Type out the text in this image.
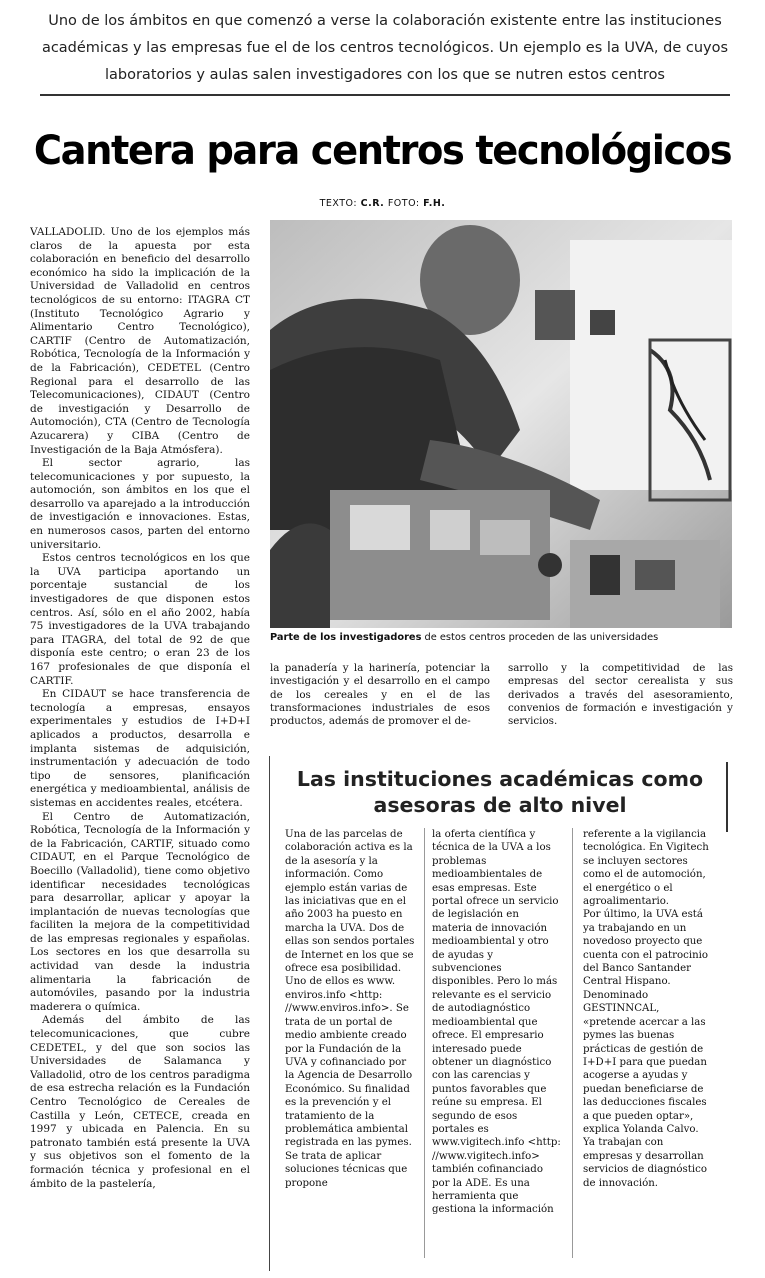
Uno de los ámbitos en que comenzó a verse la colaboración existente entre las instituciones académicas y las empresas fue el de los centros tecnológicos. Un ejemplo es la UVA, de cuyos laboratorios y aulas salen investigadores con los que se nutren estos centros
Cantera para centros tecnológicos
TEXTO: C.R. FOTO: F.H.

VALLADOLID. Uno de los ejemplos más claros de la apuesta por esta colaboración en beneficio del desarrollo económico ha sido la implicación de la Universidad de Valladolid en centros tecnológicos de su entorno: ITAGRA CT (Instituto Tecnológico Agrario y Alimentario Centro Tecnológico), CARTIF (Centro de Automatización, Robótica, Tecnología de la Información y de la Fabricación), CEDETEL (Centro Regional para el desarrollo de las Telecomunicaciones), CIDAUT (Centro de investigación y Desarrollo de Automoción), CTA (Centro de Tecnología Azucarera) y CIBA (Centro de Investigación de la Baja Atmósfera).

El sector agrario, las telecomunicaciones y por supuesto, la automoción, son ámbitos en los que el desarrollo va aparejado a la introducción de investigación e innovaciones. Estas, en numerosos casos, parten del entorno universitario.

Estos centros tecnológicos en los que la UVA participa aportando un porcentaje sustancial de los investigadores de que disponen estos centros. Así, sólo en el año 2002, había 75 investigadores de la UVA trabajando para ITAGRA, del total de 92 de que disponía este centro; o eran 23 de los 167 profesionales de que disponía el CARTIF.

En CIDAUT se hace transferencia de tecnología a empresas, ensayos experimentales y estudios de I+D+I aplicados a productos, desarrolla e implanta sistemas de adquisición, instrumentación y adecuación de todo tipo de sensores, planificación energética y medioambiental, análisis de sistemas en accidentes reales, etcétera.

El Centro de Automatización, Robótica, Tecnología de la Información y de la Fabricación, CARTIF, situado como CIDAUT, en el Parque Tecnológico de Boecillo (Valladolid), tiene como objetivo identificar necesidades tecnológicas para desarrollar, aplicar y apoyar la implantación de nuevas tecnologías que faciliten la mejora de la competitividad de las empresas regionales y españolas. Los sectores en los que desarrolla su actividad van desde la industria alimentaria la fabricación de automóviles, pasando por la industria maderera o química.

Además del ámbito de las telecomunicaciones, que cubre CEDETEL, y del que son socios las Universidades de Salamanca y Valladolid, otro de los centros paradigma de esa estrecha relación es la Fundación Centro Tecnológico de Cereales de Castilla y León, CETECE, creada en 1997 y ubicada en Palencia. En su patronato también está presente la UVA y sus objetivos son el fomento de la formación técnica y profesional en el ámbito de la pastelería,

Parte de los investigadores de estos centros proceden de las universidades

la panadería y la harinería, potenciar la investigación y el desarrollo en el campo de los cereales y en el de las transformaciones industriales de esos productos, además de promover el de-

sarrollo y la competitividad de las empresas del sector cerealista y sus derivados a través del asesoramiento, convenios de formación e investigación y servicios.

Las instituciones académicas como asesoras de alto nivel

Una de las parcelas de colaboración activa es la de la asesoría y la información. Como ejemplo están varias de las iniciativas que en el año 2003 ha puesto en marcha la UVA. Dos de ellas son sendos portales de Internet en los que se ofrece esa posibilidad. Uno de ellos es www. enviros.info <http: //www.enviros.info>. Se trata de un portal de medio ambiente creado por la Fundación de la UVA y cofinanciado por la Agencia de Desarrollo Económico. Su finalidad es la prevención y el tratamiento de la problemática ambiental registrada en las pymes. Se trata de aplicar soluciones técnicas que propone

la oferta científica y técnica de la UVA a los problemas medioambientales de esas empresas. Este portal ofrece un servicio de legislación en materia de innovación medioambiental y otro de ayudas y subvenciones disponibles. Pero lo más relevante es el servicio de autodiagnóstico medioambiental que ofrece. El empresario interesado puede obtener un diagnóstico con las carencias y puntos favorables que reúne su empresa. El segundo de esos portales es www.vigitech.info <http: //www.vigitech.info> también cofinanciado por la ADE. Es una herramienta que gestiona la información

referente a la vigilancia tecnológica. En Vigitech se incluyen sectores como el de automoción, el energético o el agroalimentario.

Por último, la UVA está ya trabajando en un novedoso proyecto que cuenta con el patrocinio del Banco Santander Central Hispano. Denominado GESTINNCAL, «pretende acercar a las pymes las buenas prácticas de gestión de I+D+I para que puedan acogerse a ayudas y puedan beneficiarse de las deducciones fiscales a que pueden optar», explica Yolanda Calvo.

Ya trabajan con empresas y desarrollan servicios de diagnóstico de innovación.
